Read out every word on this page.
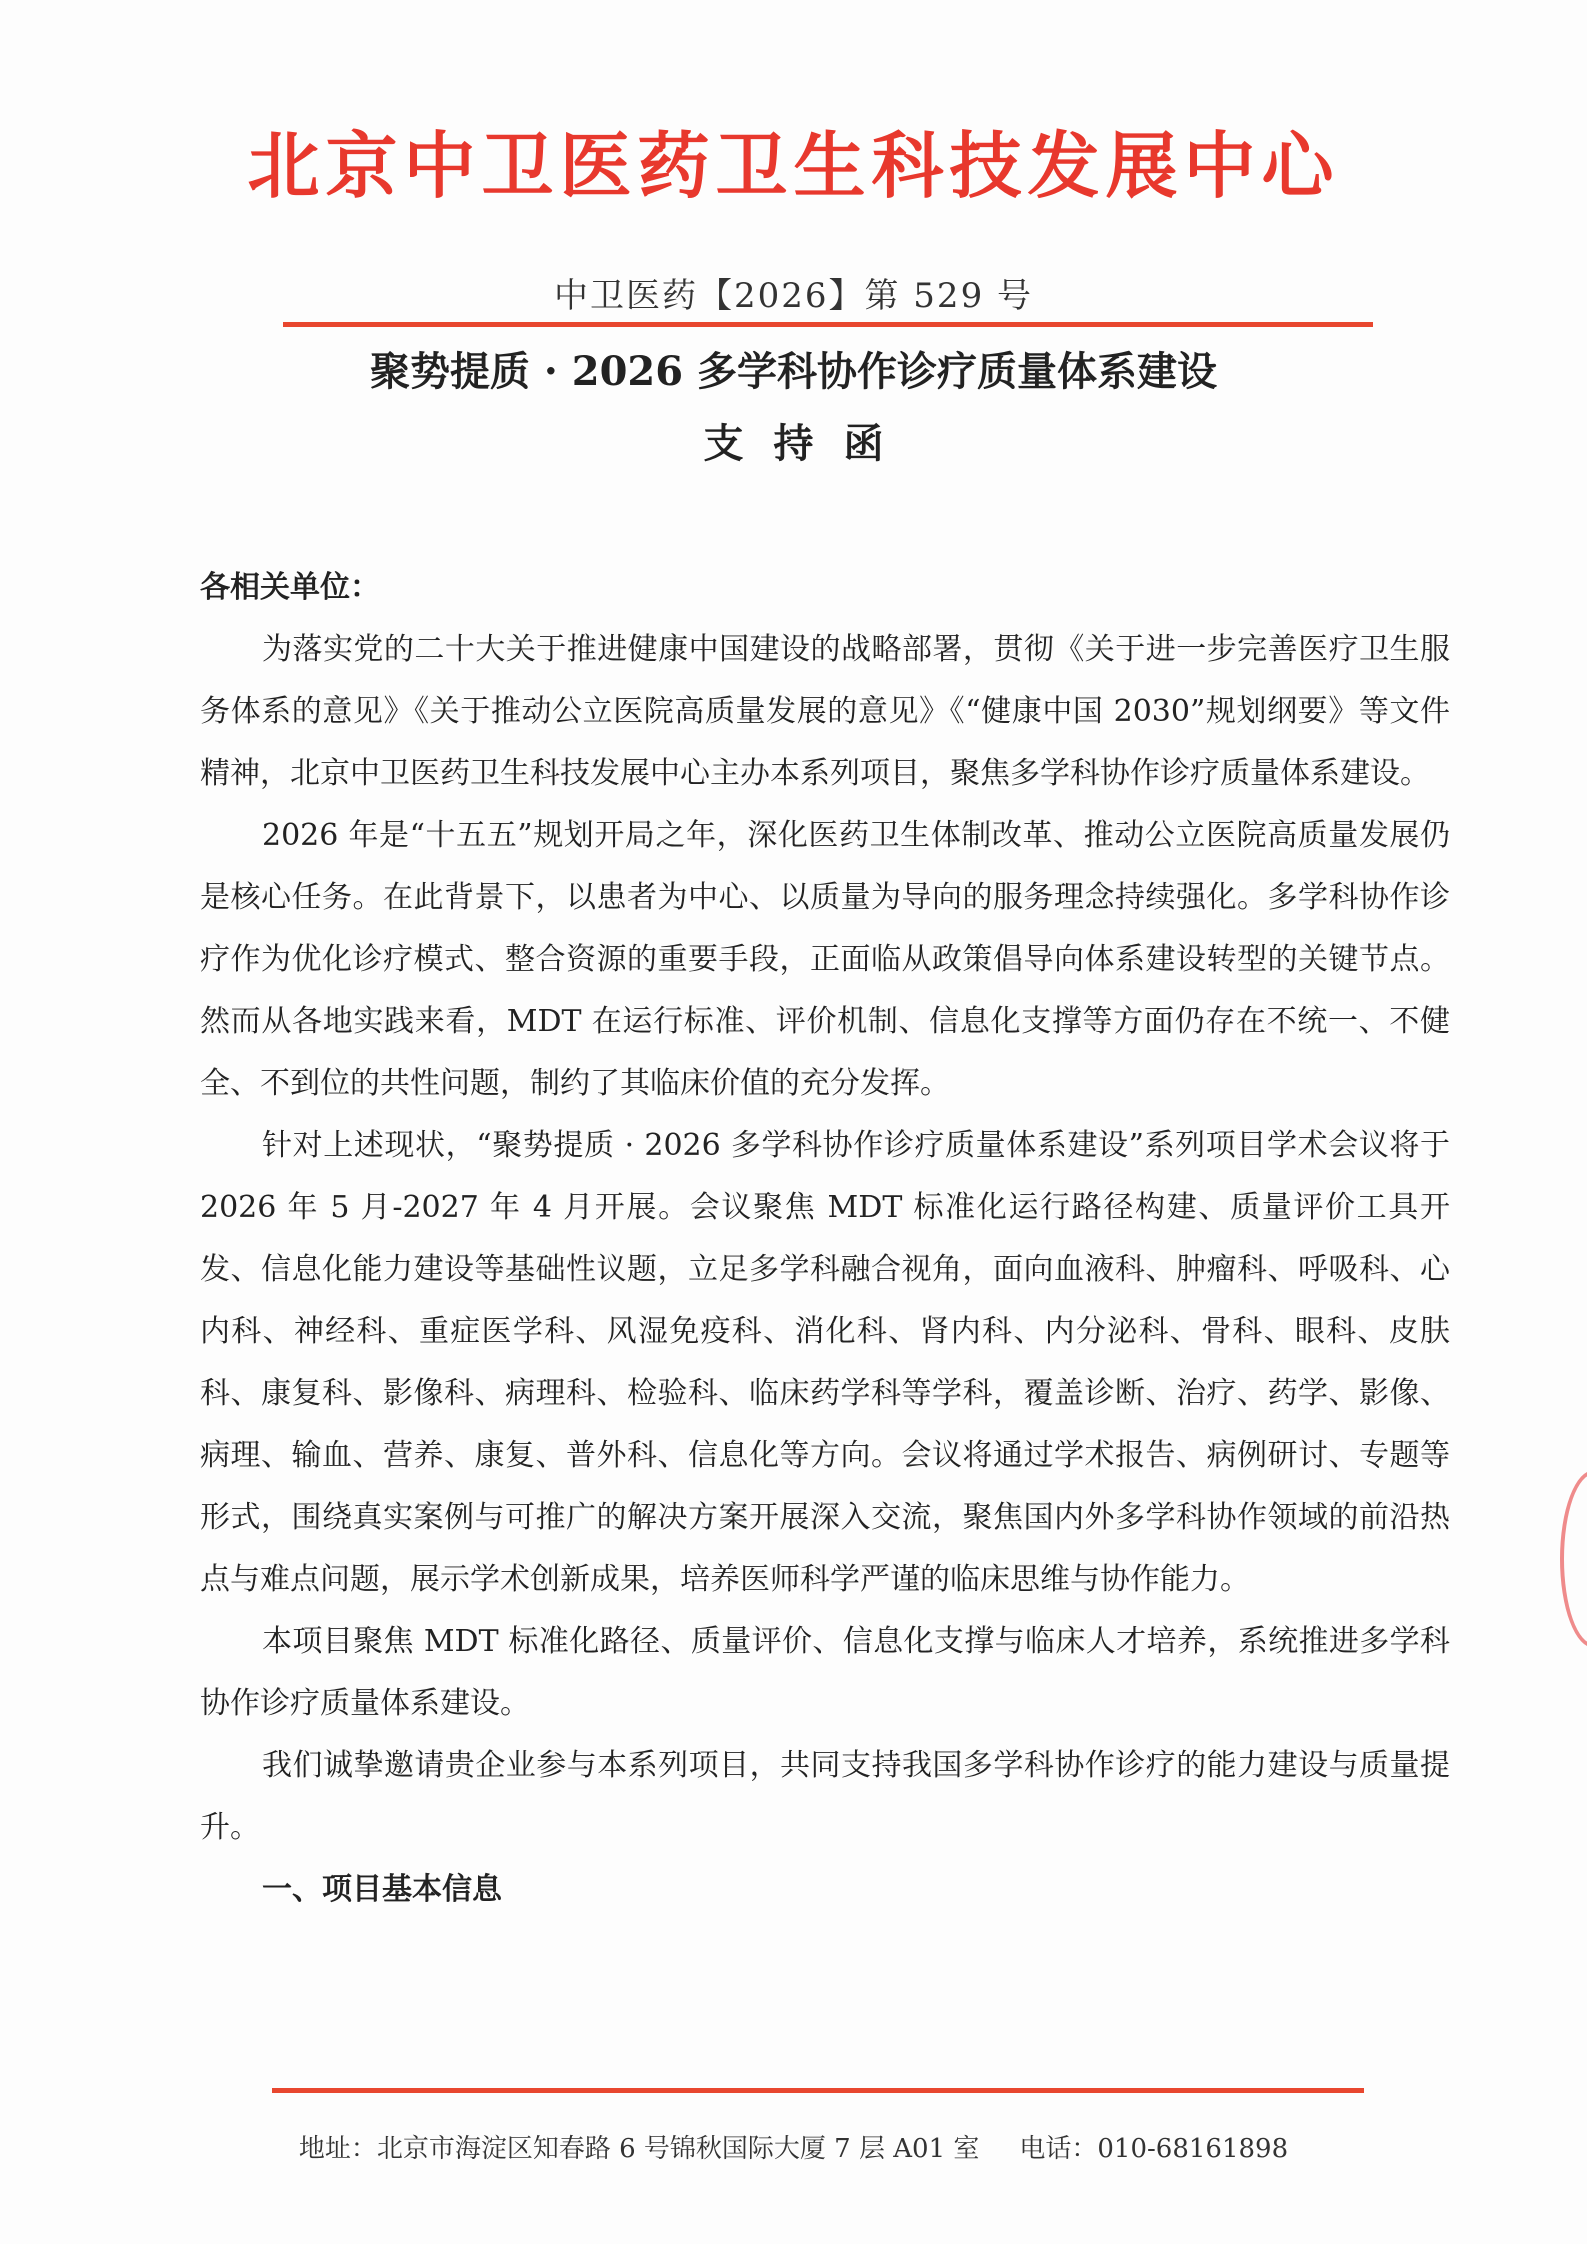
北京中卫医药卫生科技发展中心
中卫医药【2026】第 529 号
聚势提质 · 2026 多学科协作诊疗质量体系建设
支持函

各相关单位：

为落实党的二十大关于推进健康中国建设的战略部署，贯彻《关于进一步完善医疗卫生服务体系的意见》《关于推动公立医院高质量发展的意见》《“健康中国 2030”规划纲要》等文件精神，北京中卫医药卫生科技发展中心主办本系列项目，聚焦多学科协作诊疗质量体系建设。

2026 年是“十五五”规划开局之年，深化医药卫生体制改革、推动公立医院高质量发展仍是核心任务。在此背景下，以患者为中心、以质量为导向的服务理念持续强化。多学科协作诊疗作为优化诊疗模式、整合资源的重要手段，正面临从政策倡导向体系建设转型的关键节点。然而从各地实践来看，MDT 在运行标准、评价机制、信息化支撑等方面仍存在不统一、不健全、不到位的共性问题，制约了其临床价值的充分发挥。

针对上述现状，“聚势提质 · 2026 多学科协作诊疗质量体系建设”系列项目学术会议将于 2026 年 5 月-2027 年 4 月开展。会议聚焦 MDT 标准化运行路径构建、质量评价工具开发、信息化能力建设等基础性议题，立足多学科融合视角，面向血液科、肿瘤科、呼吸科、心内科、神经科、重症医学科、风湿免疫科、消化科、肾内科、内分泌科、骨科、眼科、皮肤科、康复科、影像科、病理科、检验科、临床药学科等学科，覆盖诊断、治疗、药学、影像、病理、输血、营养、康复、普外科、信息化等方向。会议将通过学术报告、病例研讨、专题等形式，围绕真实案例与可推广的解决方案开展深入交流，聚焦国内外多学科协作领域的前沿热点与难点问题，展示学术创新成果，培养医师科学严谨的临床思维与协作能力。

本项目聚焦 MDT 标准化路径、质量评价、信息化支撑与临床人才培养，系统推进多学科协作诊疗质量体系建设。

我们诚挚邀请贵企业参与本系列项目，共同支持我国多学科协作诊疗的能力建设与质量提升。

一、项目基本信息

地址：北京市海淀区知春路 6 号锦秋国际大厦 7 层 A01 室 电话：010-68161898
